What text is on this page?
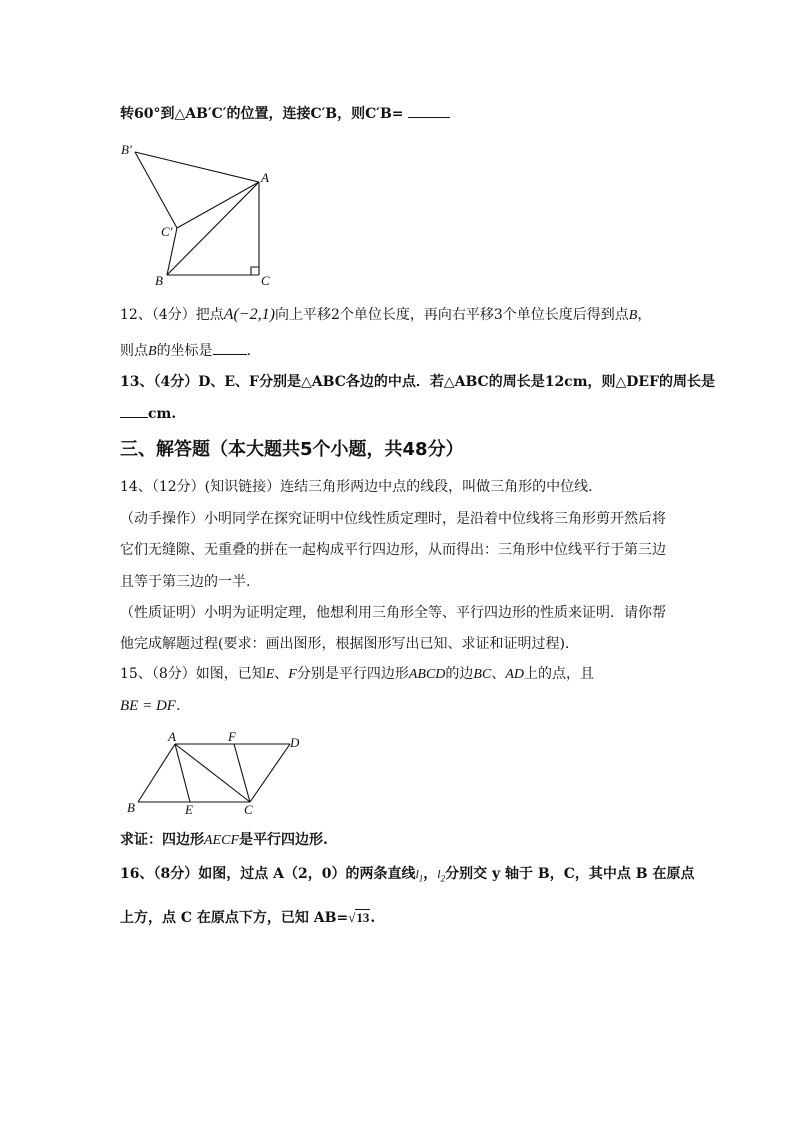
转60°到△AB′C′的位置，连接C′B，则C′B=
B′
A
C′
B	C
12、（4分）把点A(−2,1)向上平移2个单位长度，再向右平移3个单位长度后得到点B，
则点B的坐标是 .
13、（4分）D、E、F分别是△ABC各边的中点．若△ABC的周长是12cm，则△DEF的周长是
cm.
三、解答题（本大题共5个小题，共48分）
14、（12分）(知识链接）连结三角形两边中点的线段，叫做三角形的中位线.
（动手操作）小明同学在探究证明中位线性质定理时，是沿着中位线将三角形剪开然后将
它们无缝隙、无重叠的拼在一起构成平行四边形，从而得出：三角形中位线平行于第三边
且等于第三边的一半.
（性质证明）小明为证明定理，他想利用三角形全等、平行四边形的性质来证明．请你帮
他完成解题过程(要求：画出图形，根据图形写出已知、求证和证明过程).
15、（8分）如图，已知E、F分别是平行四边形ABCD的边BC、AD上的点，且
BE = DF.
A	F	D
B	E	C
求证：四边形AECF是平行四边形.
16、（8分）如图，过点 A（2，0）的两条直线$l_1$，$l_2$分别交 y 轴于 B，C，其中点 B 在原点
上方，点 C 在原点下方，已知 AB=√13.
